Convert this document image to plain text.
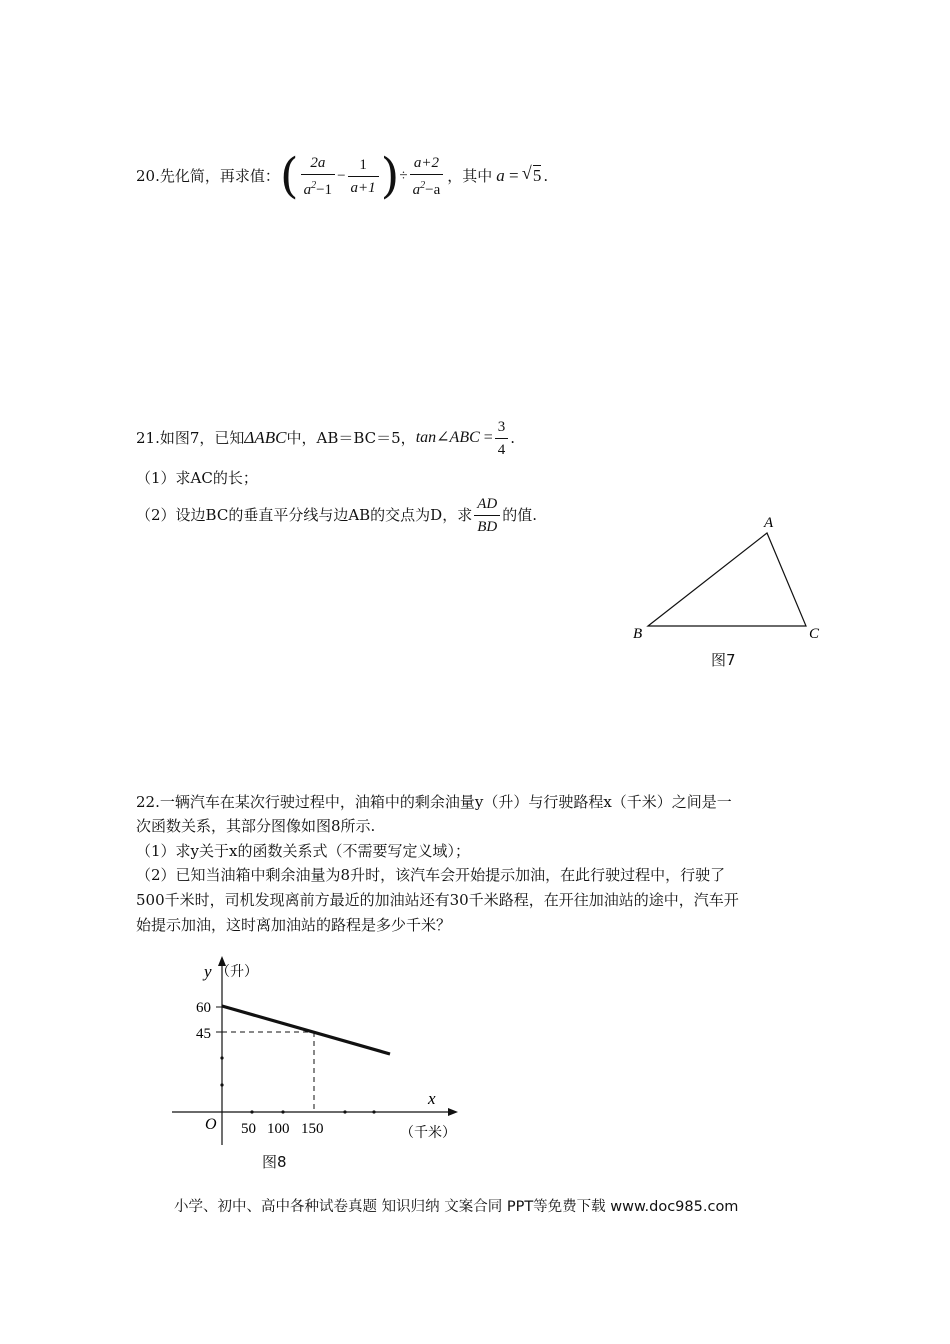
20.先化简，再求值： ( $\frac{2a}{a^2-1} - \frac{1}{a+1}$ ) ÷ $\frac{a+2}{a^2-a}$ ，其中 a = √ 5 .
21.如图7，已知 ΔABC 中，AB＝BC＝5， tan∠ABC = $\frac{3}{4}$ .
（1）求AC的长；
（2）设边BC的垂直平分线与边AB的交点为D，求 $\frac{AD}{BD}$ 的值.	A
B	C
图7
22.一辆汽车在某次行驶过程中，油箱中的剩余油量y（升）与行驶路程x（千米）之间是一
次函数关系，其部分图像如图8所示.
（1）求y关于x的函数关系式（不需要写定义域）；
（2）已知当油箱中剩余油量为8升时，该汽车会开始提示加油，在此行驶过程中，行驶了
500千米时，司机发现离前方最近的加油站还有30千米路程，在开往加油站的途中，汽车开
始提示加油，这时离加油站的路程是多少千米？
y （升）
60
45
x
（千米）
O 50 100 150
图8
小学、初中、高中各种试卷真题 知识归纳 文案合同 PPT等免费下载 www.doc985.com
